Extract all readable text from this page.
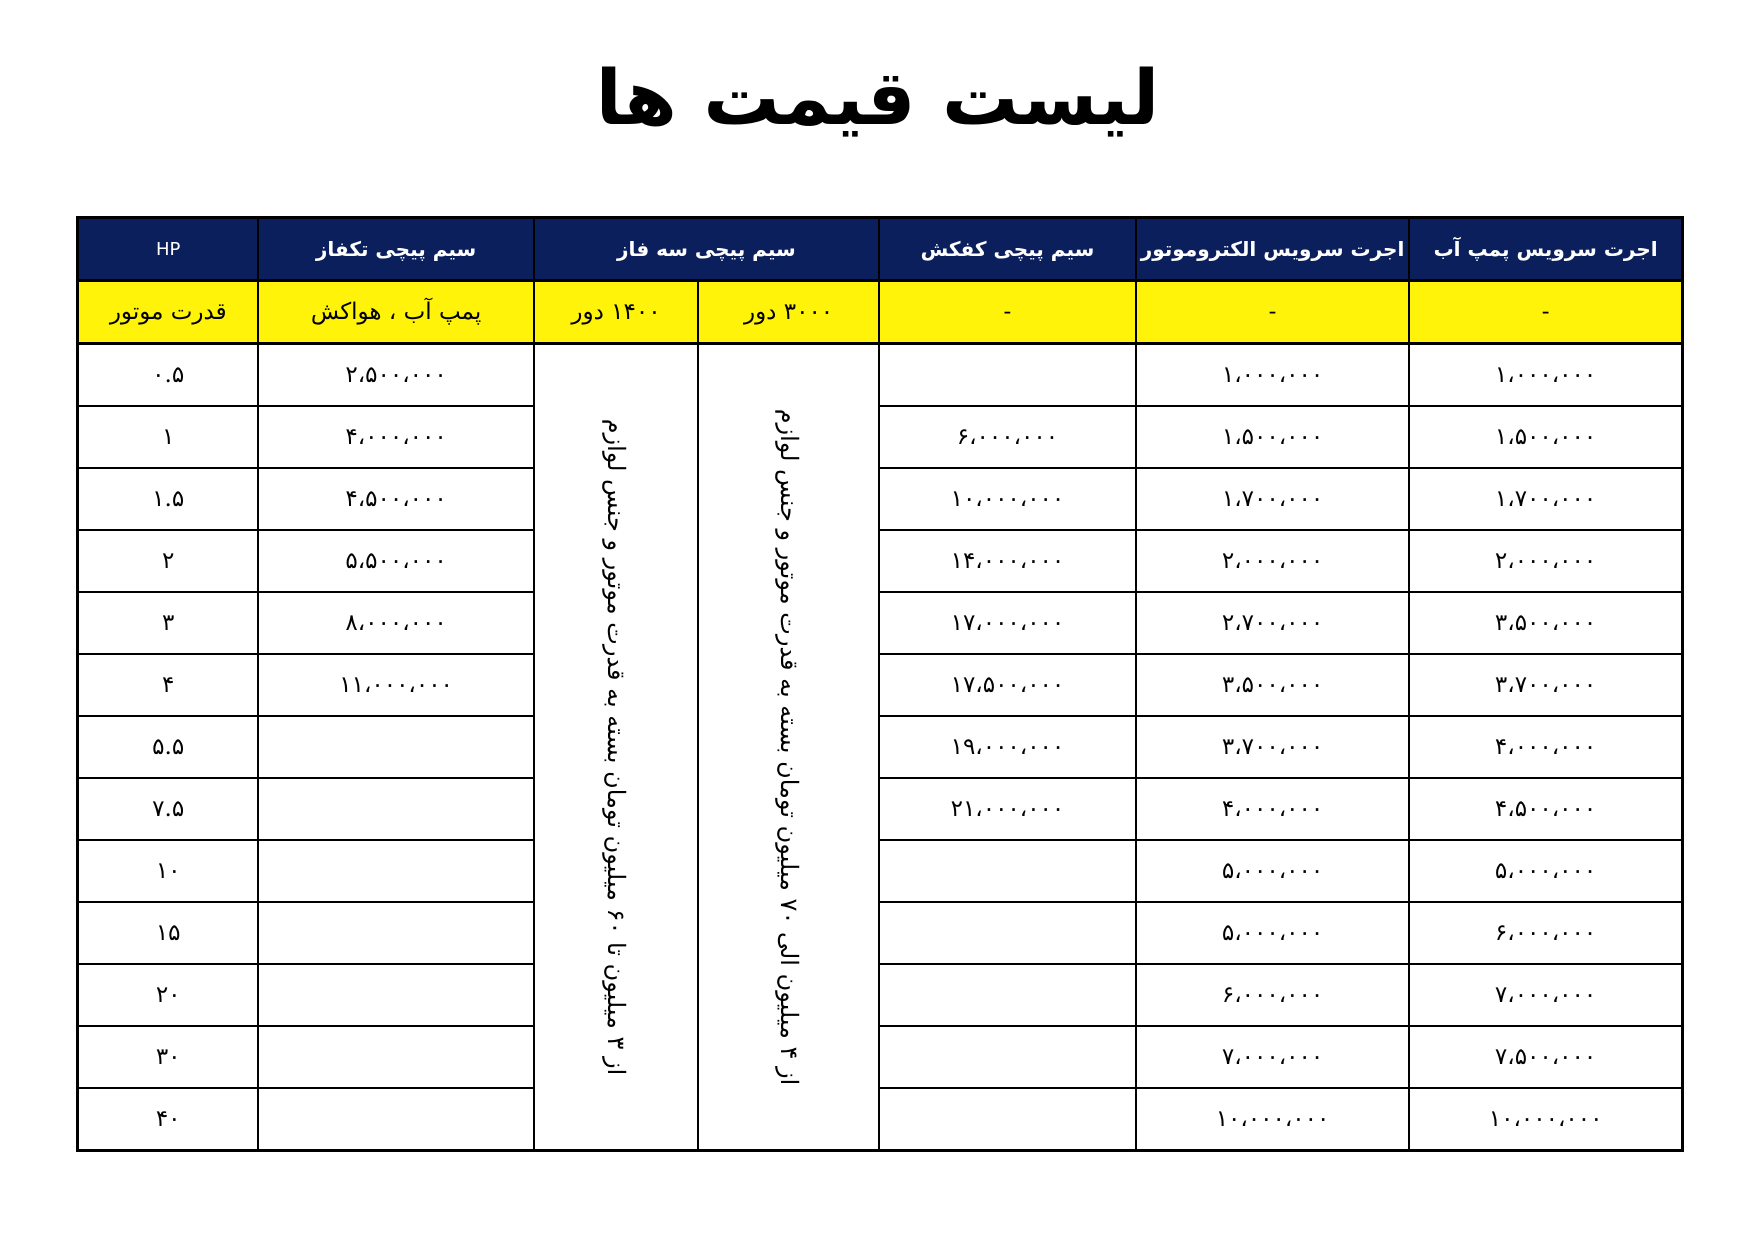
لیست قیمت ها
اجرت سرویس پمپ آب	اجرت سرویس الکتروموتور	سیم پیچی کفکش	سیم پیچی سه فاز		سیم پیچی تکفاز	HP
-	-	-	۳۰۰۰ دور	۱۴۰۰ دور	پمپ آب ، هواکش	قدرت موتور
۱،۰۰۰،۰۰۰	۱،۰۰۰،۰۰۰		از ۴ میلیون الی ۷۰ میلیون تومان بسته به قدرت موتور و جنس لوازم	از ۳ میلیون تا ۶۰ میلیون تومان بسته به قدرت موتور و جنس لوازم	۲،۵۰۰،۰۰۰	۰.۵
۱،۵۰۰،۰۰۰	۱،۵۰۰،۰۰۰	۶،۰۰۰،۰۰۰			۴،۰۰۰،۰۰۰	۱
۱،۷۰۰،۰۰۰	۱،۷۰۰،۰۰۰	۱۰،۰۰۰،۰۰۰			۴،۵۰۰،۰۰۰	۱.۵
۲،۰۰۰،۰۰۰	۲،۰۰۰،۰۰۰	۱۴،۰۰۰،۰۰۰			۵،۵۰۰،۰۰۰	۲
۳،۵۰۰،۰۰۰	۲،۷۰۰،۰۰۰	۱۷،۰۰۰،۰۰۰			۸،۰۰۰،۰۰۰	۳
۳،۷۰۰،۰۰۰	۳،۵۰۰،۰۰۰	۱۷،۵۰۰،۰۰۰			۱۱،۰۰۰،۰۰۰	۴
۴،۰۰۰،۰۰۰	۳،۷۰۰،۰۰۰	۱۹،۰۰۰،۰۰۰				۵.۵
۴،۵۰۰،۰۰۰	۴،۰۰۰،۰۰۰	۲۱،۰۰۰،۰۰۰				۷.۵
۵،۰۰۰،۰۰۰	۵،۰۰۰،۰۰۰					۱۰
۶،۰۰۰،۰۰۰	۵،۰۰۰،۰۰۰					۱۵
۷،۰۰۰،۰۰۰	۶،۰۰۰،۰۰۰					۲۰
۷،۵۰۰،۰۰۰	۷،۰۰۰،۰۰۰					۳۰
۱۰،۰۰۰،۰۰۰	۱۰،۰۰۰،۰۰۰					۴۰
